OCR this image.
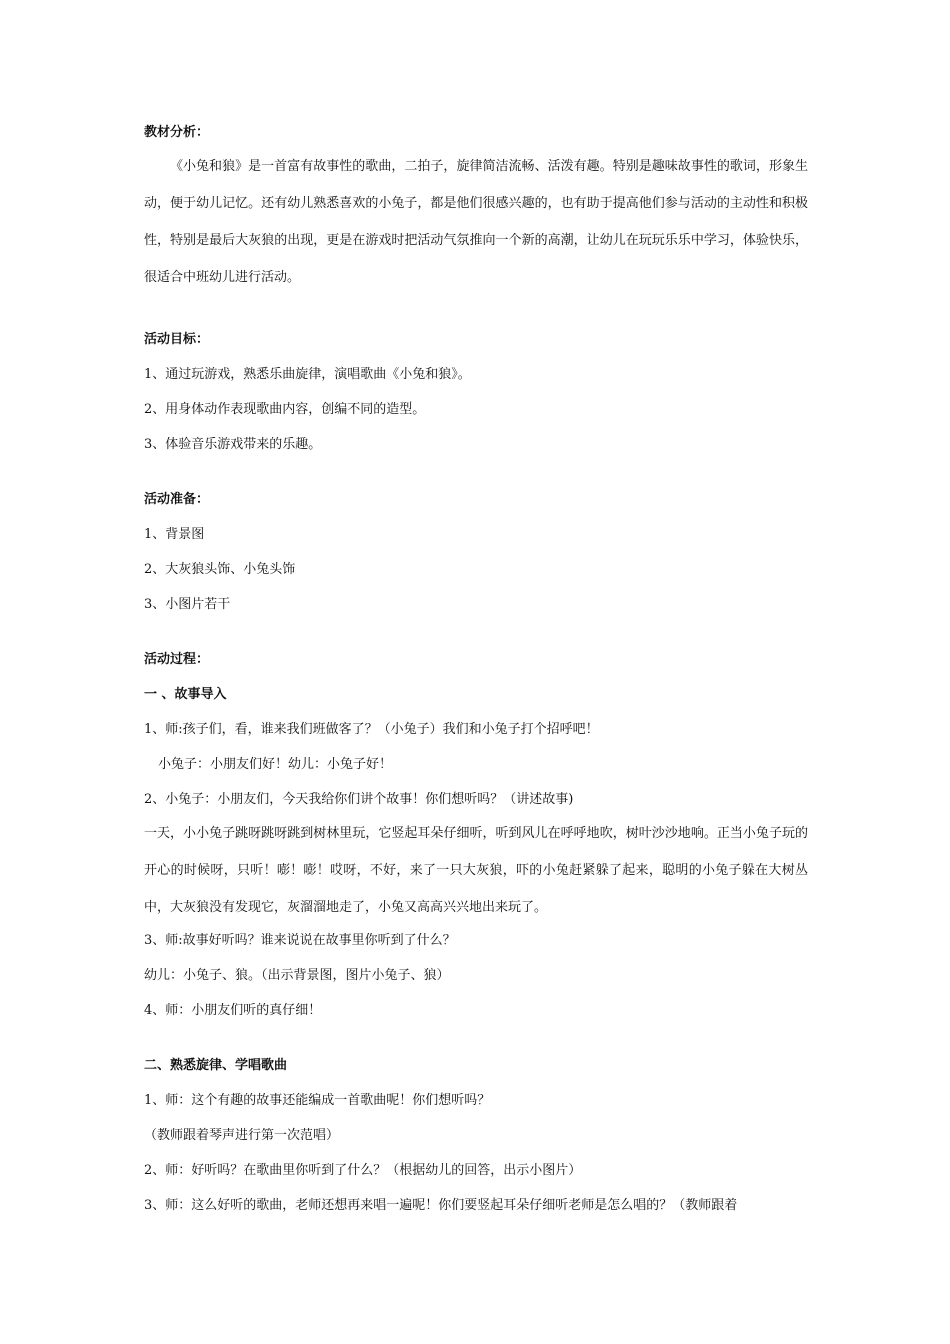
教材分析：

《小兔和狼》是一首富有故事性的歌曲，二拍子，旋律简洁流畅、活泼有趣。特别是趣味故事性的歌词，形象生动，便于幼儿记忆。还有幼儿熟悉喜欢的小兔子，都是他们很感兴趣的，也有助于提高他们参与活动的主动性和积极性，特别是最后大灰狼的出现，更是在游戏时把活动气氛推向一个新的高潮，让幼儿在玩玩乐乐中学习，体验快乐，很适合中班幼儿进行活动。

活动目标：

1、通过玩游戏，熟悉乐曲旋律，演唱歌曲《小兔和狼》。

2、用身体动作表现歌曲内容，创编不同的造型。

3、体验音乐游戏带来的乐趣。

活动准备：

1、背景图

2、大灰狼头饰、小兔头饰

3、小图片若干

活动过程：

一 、故事导入

1、师:孩子们，看，谁来我们班做客了？（小兔子）我们和小兔子打个招呼吧！

小兔子：小朋友们好！幼儿：小兔子好！

2、小兔子：小朋友们，今天我给你们讲个故事！你们想听吗？（讲述故事)

一天，小小兔子跳呀跳呀跳到树林里玩，它竖起耳朵仔细听，听到风儿在呼呼地吹，树叶沙沙地响。正当小兔子玩的开心的时候呀，只听！嘭！嘭！哎呀，不好，来了一只大灰狼，吓的小兔赶紧躲了起来，聪明的小兔子躲在大树丛中，大灰狼没有发现它，灰溜溜地走了，小兔又高高兴兴地出来玩了。

3、师:故事好听吗？谁来说说在故事里你听到了什么？

幼儿：小兔子、狼。（出示背景图，图片小兔子、狼）

4、师：小朋友们听的真仔细！

二、熟悉旋律、学唱歌曲

1、师：这个有趣的故事还能编成一首歌曲呢！你们想听吗？

（教师跟着琴声进行第一次范唱）

2、师：好听吗？在歌曲里你听到了什么？（根据幼儿的回答，出示小图片）

3、师：这么好听的歌曲，老师还想再来唱一遍呢！你们要竖起耳朵仔细听老师是怎么唱的？（教师跟着
